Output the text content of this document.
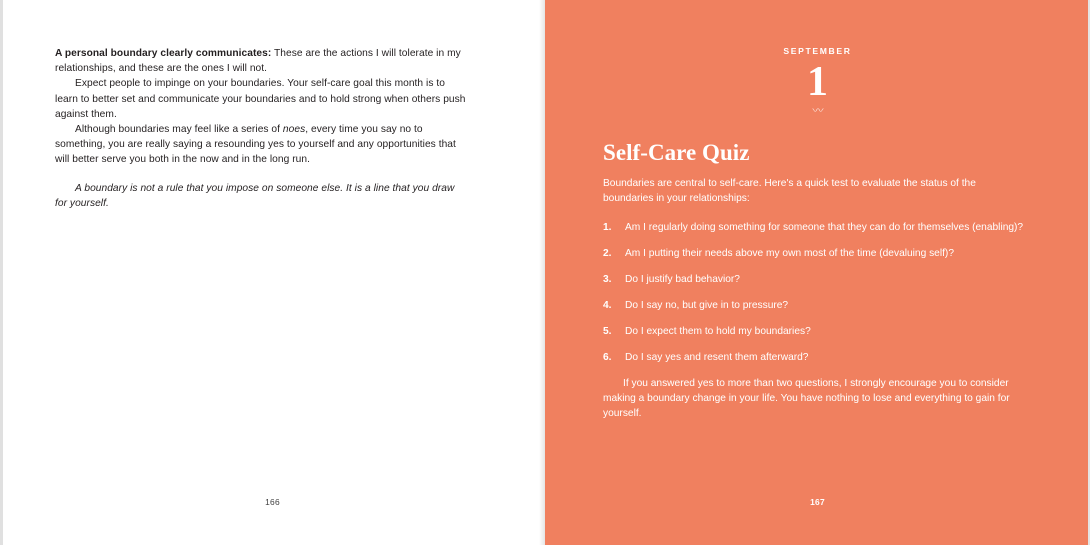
A personal boundary clearly communicates: These are the actions I will tolerate in my relationships, and these are the ones I will not.

Expect people to impinge on your boundaries. Your self-care goal this month is to learn to better set and communicate your boundaries and to hold strong when others push against them.

Although boundaries may feel like a series of noes, every time you say no to something, you are really saying a resounding yes to yourself and any opportunities that will better serve you both in the now and in the long run.

A boundary is not a rule that you impose on someone else. It is a line that you draw for yourself.

166
SEPTEMBER
1
〰
Self-Care Quiz
Boundaries are central to self-care. Here's a quick test to evaluate the status of the boundaries in your relationships:
Am I regularly doing something for someone that they can do for themselves (enabling)?
Am I putting their needs above my own most of the time (devaluing self)?
Do I justify bad behavior?
Do I say no, but give in to pressure?
Do I expect them to hold my boundaries?
Do I say yes and resent them afterward?
If you answered yes to more than two questions, I strongly encourage you to consider making a boundary change in your life. You have nothing to lose and everything to gain for yourself.
167
